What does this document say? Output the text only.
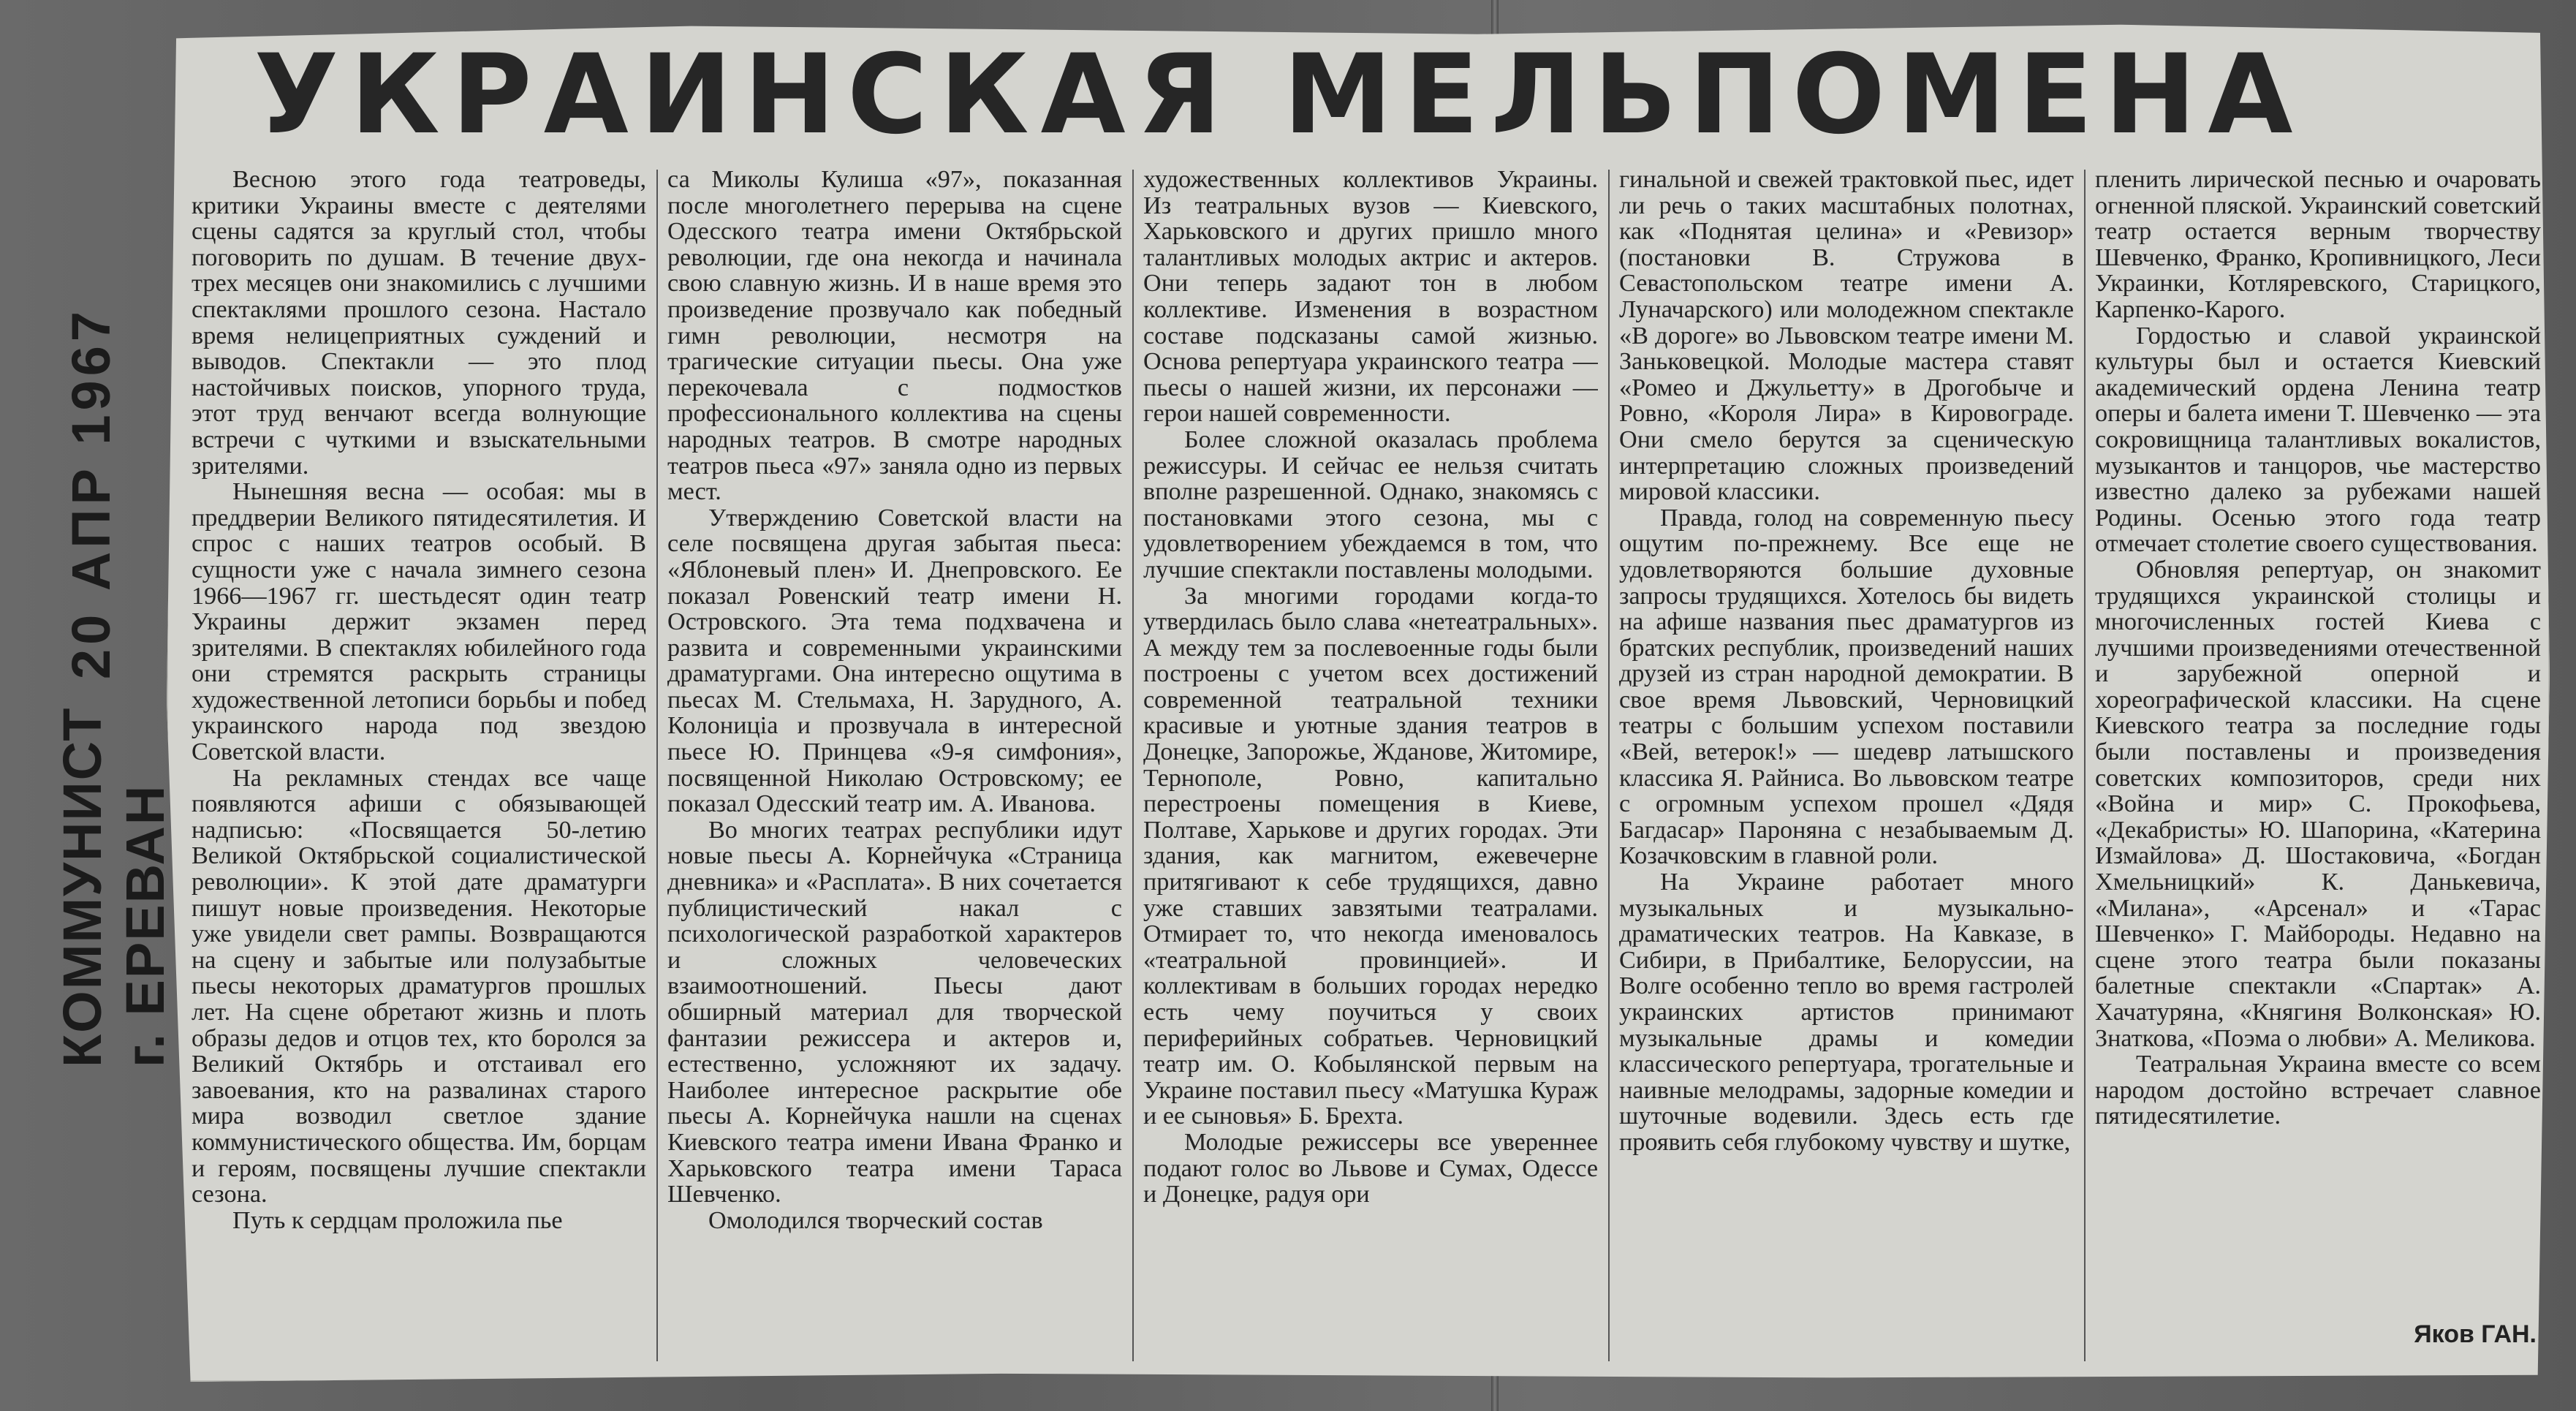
20 АПР 1967
КОММУНИСТ г. ЕРЕВАН
УКРАИНСКАЯ МЕЛЬПОМЕНА

Весною этого года театроведы, критики Украины вместе с деятелями сцены садятся за круглый стол, чтобы поговорить по душам. В течение двух-трех месяцев они знакомились с лучшими спектаклями прошлого сезона. Настало время нелицеприятных суждений и выводов. Спектакли — это плод настойчивых поисков, упорного труда, этот труд венчают всегда волнующие встречи с чуткими и взыскательными зрителями.

Нынешняя весна — особая: мы в преддверии Великого пятидесятилетия. И спрос с наших театров особый. В сущности уже с начала зимнего сезона 1966—1967 гг. шестьдесят один театр Украины держит экзамен перед зрителями. В спектаклях юбилейного года они стремятся раскрыть страницы художественной летописи борьбы и побед украинского народа под звездою Советской власти.

На рекламных стендах все чаще появляются афиши с обязывающей надписью: «Посвящается 50-летию Великой Октябрьской социалистической революции». К этой дате драматурги пишут новые произведения. Некоторые уже увидели свет рампы. Возвращаются на сцену и забытые или полузабытые пьесы некоторых драматургов прошлых лет. На сцене обретают жизнь и плоть образы дедов и отцов тех, кто боролся за Великий Октябрь и отстаивал его завоевания, кто на развалинах старого мира возводил светлое здание коммунистического общества. Им, борцам и героям, посвящены лучшие спектакли сезона.

Путь к сердцам проложила пье

са Миколы Кулиша «97», показанная после многолетнего перерыва на сцене Одесского театра имени Октябрьской революции, где она некогда и начинала свою славную жизнь. И в наше время это произведение прозвучало как победный гимн революции, несмотря на трагические ситуации пьесы. Она уже перекочевала с подмостков профессионального коллектива на сцены народных театров. В смотре народных театров пьеса «97» заняла одно из первых мест.

Утверждению Советской власти на селе посвящена другая забытая пьеса: «Яблоневый плен» И. Днепровского. Ее показал Ровенский театр имени Н. Островского. Эта тема подхвачена и развита и современными украинскими драматургами. Она интересно ощутима в пьесах М. Стельмаха, Н. Зарудного, А. Колониціа и прозвучала в интересной пьесе Ю. Принцева «9-я симфония», посвященной Николаю Островскому; ее показал Одесский театр им. А. Иванова.

Во многих театрах республики идут новые пьесы А. Корнейчука «Страница дневника» и «Расплата». В них сочетается публицистический накал с психологической разработкой характеров и сложных человеческих взаимоотношений. Пьесы дают обширный материал для творческой фантазии режиссера и актеров и, естественно, усложняют их задачу. Наиболее интересное раскрытие обе пьесы А. Корнейчука нашли на сценах Киевского театра имени Ивана Франко и Харьковского театра имени Тараса Шевченко.

Омолодился творческий состав

художественных коллективов Украины. Из театральных вузов — Киевского, Харьковского и других пришло много талантливых молодых актрис и актеров. Они теперь задают тон в любом коллективе. Изменения в возрастном составе подсказаны самой жизнью. Основа репертуара украинского театра — пьесы о нашей жизни, их персонажи — герои нашей современности.

Более сложной оказалась проблема режиссуры. И сейчас ее нельзя считать вполне разрешенной. Однако, знакомясь с постановками этого сезона, мы с удовлетворением убеждаемся в том, что лучшие спектакли поставлены молодыми.

За многими городами когда-то утвердилась было слава «нетеатральных». А между тем за послевоенные годы были построены с учетом всех достижений современной театральной техники красивые и уютные здания театров в Донецке, Запорожье, Жданове, Житомире, Тернополе, Ровно, капитально перестроены помещения в Киеве, Полтаве, Харькове и других городах. Эти здания, как магнитом, ежевечерне притягивают к себе трудящихся, давно уже ставших завзятыми театралами. Отмирает то, что некогда именовалось «театральной провинцией». И коллективам в больших городах нередко есть чему поучиться у своих периферийных собратьев. Черновицкий театр им. О. Кобылянской первым на Украине поставил пьесу «Матушка Кураж и ее сыновья» Б. Брехта.

Молодые режиссеры все увереннее подают голос во Львове и Сумах, Одессе и Донецке, радуя ори

гинальной и свежей трактовкой пьес, идет ли речь о таких масштабных полотнах, как «Поднятая целина» и «Ревизор» (постановки В. Стружова в Севастопольском театре имени А. Луначарского) или молодежном спектакле «В дороге» во Львовском театре имени М. Заньковецкой. Молодые мастера ставят «Ромео и Джульетту» в Дрогобыче и Ровно, «Короля Лира» в Кировограде. Они смело берутся за сценическую интерпретацию сложных произведений мировой классики.

Правда, голод на современную пьесу ощутим по-прежнему. Все еще не удовлетворяются большие духовные запросы трудящихся. Хотелось бы видеть на афише названия пьес драматургов из братских республик, произведений наших друзей из стран народной демократии. В свое время Львовский, Черновицкий театры с большим успехом поставили «Вей, ветерок!» — шедевр латышского классика Я. Райниса. Во львовском театре с огромным успехом прошел «Дядя Багдасар» Пароняна с незабываемым Д. Козачковским в главной роли.

На Украине работает много музыкальных и музыкально-драматических театров. На Кавказе, в Сибири, в Прибалтике, Белоруссии, на Волге особенно тепло во время гастролей украинских артистов принимают музыкальные драмы и комедии классического репертуара, трогательные и наивные мелодрамы, задорные комедии и шуточные водевили. Здесь есть где проявить себя глубокому чувству и шутке,

пленить лирической песнью и очаровать огненной пляской. Украинский советский театр остается верным творчеству Шевченко, Франко, Кропивницкого, Леси Украинки, Котляревского, Старицкого, Карпенко-Карого.

Гордостью и славой украинской культуры был и остается Киевский академический ордена Ленина театр оперы и балета имени Т. Шевченко — эта сокровищница талантливых вокалистов, музыкантов и танцоров, чье мастерство известно далеко за рубежами нашей Родины. Осенью этого года театр отмечает столетие своего существования.

Обновляя репертуар, он знакомит трудящихся украинской столицы и многочисленных гостей Киева с лучшими произведениями отечественной и зарубежной оперной и хореографической классики. На сцене Киевского театра за последние годы были поставлены и произведения советских композиторов, среди них «Война и мир» С. Прокофьева, «Декабристы» Ю. Шапорина, «Катерина Измайлова» Д. Шостаковича, «Богдан Хмельницкий» К. Данькевича, «Милана», «Арсенал» и «Тарас Шевченко» Г. Майбороды. Недавно на сцене этого театра были показаны балетные спектакли «Спартак» А. Хачатуряна, «Княгиня Волконская» Ю. Знаткова, «Поэма о любви» А. Меликова.

Театральная Украина вместе со всем народом достойно встречает славное пятидесятилетие.

Яков ГАН.
